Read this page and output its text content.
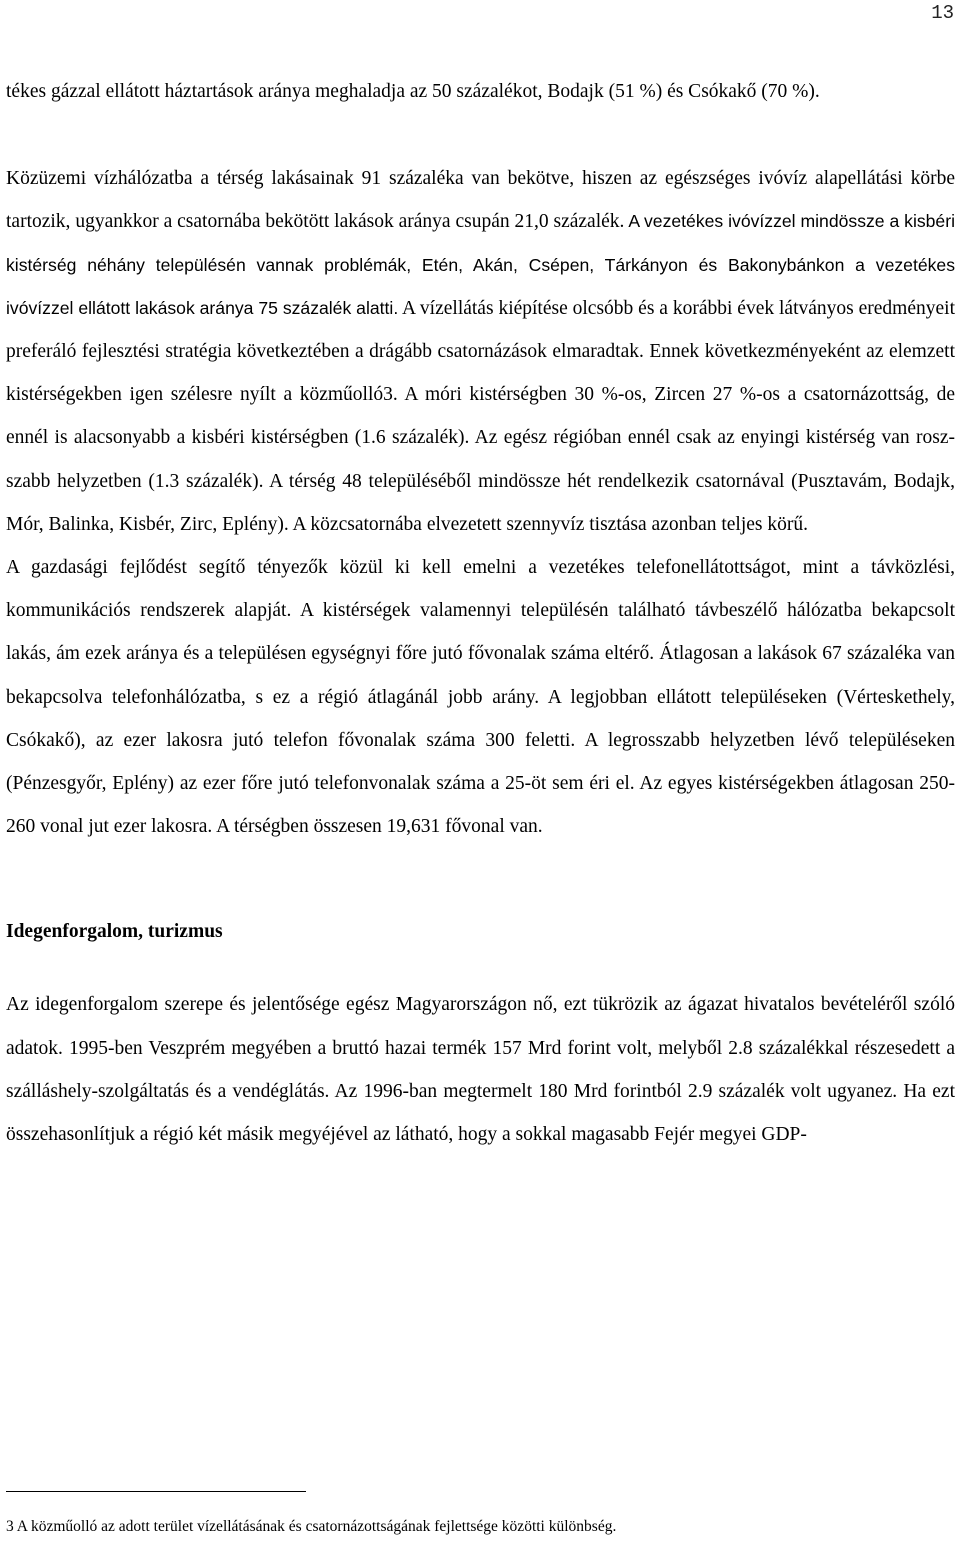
13

tékes gázzal ellátott háztartások aránya meghaladja az 50 százalékot, Bodajk (51 %) és Csókakő (70 %).

Közüzemi vízhálózatba a térség lakásainak 91 százaléka van bekötve, hiszen az egészséges ivóvíz alapellátási körbe tartozik, ugyankkor a csatornába bekötött lakások aránya csupán 21,0 százalék. A vezetékes ivóvízzel mindössze a kisbéri kistérség néhány településén vannak problémák, Etén, Akán, Csépen, Tárkányon és Bakonybánkon a vezetékes ivóvízzel ellátott lakások aránya 75 százalék alatti. A vízellátás kiépítése olcsóbb és a korábbi évek látványos eredményeit preferáló fejlesztési stratégia következtében a drágább csatornázások elmaradtak. Ennek következményeként az elemzett kistérségekben igen szélesre nyílt a közműolló3. A móri kistérségben 30 %-os, Zircen 27 %-os a csatornázottság, de ennél is alacsonyabb a kisbéri kistérségben (1.6 százalék). Az egész régióban ennél csak az enyingi kistérség van roszszabb helyzetben (1.3 százalék). A térség 48 településéből mindössze hét rendelkezik csatornával (Pusztavám, Bodajk, Mór, Balinka, Kisbér, Zirc, Eplény). A közcsatornába elvezetett szennyvíz tisztása azonban teljes körű.

A gazdasági fejlődést segítő tényezők közül ki kell emelni a vezetékes telefonellátottságot, mint a távközlési, kommunikációs rendszerek alapját. A kistérségek valamennyi településén található távbeszélő hálózatba bekapcsolt lakás, ám ezek aránya és a településen egységnyi főre jutó fővonalak száma eltérő. Átlagosan a lakások 67 százaléka van bekapcsolva telefonhálózatba, s ez a régió átlagánál jobb arány. A legjobban ellátott településeken (Vérteskethely, Csókakő), az ezer lakosra jutó telefon fővonalak száma 300 feletti. A legrosszabb helyzetben lévő településeken (Pénzesgyőr, Eplény) az ezer főre jutó telefonvonalak száma a 25-öt sem éri el. Az egyes kistérségekben átlagosan 250-260 vonal jut ezer lakosra. A térségben összesen 19,631 fővonal van.

Idegenforgalom, turizmus

Az idegenforgalom szerepe és jelentősége egész Magyarországon nő, ezt tükrözik az ágazat hivatalos bevételéről szóló adatok. 1995-ben Veszprém megyében a bruttó hazai termék 157 Mrd forint volt, melyből 2.8 százalékkal részesedett a szálláshely-szolgáltatás és a vendéglátás. Az 1996-ban megtermelt 180 Mrd forintból 2.9 százalék volt ugyanez. Ha ezt összehasonlítjuk a régió két másik megyéjével az látható, hogy a sokkal magasabb Fejér megyei GDP-

3 A közműolló az adott terület vízellátásának és csatornázottságának fejlettsége közötti különbség.
